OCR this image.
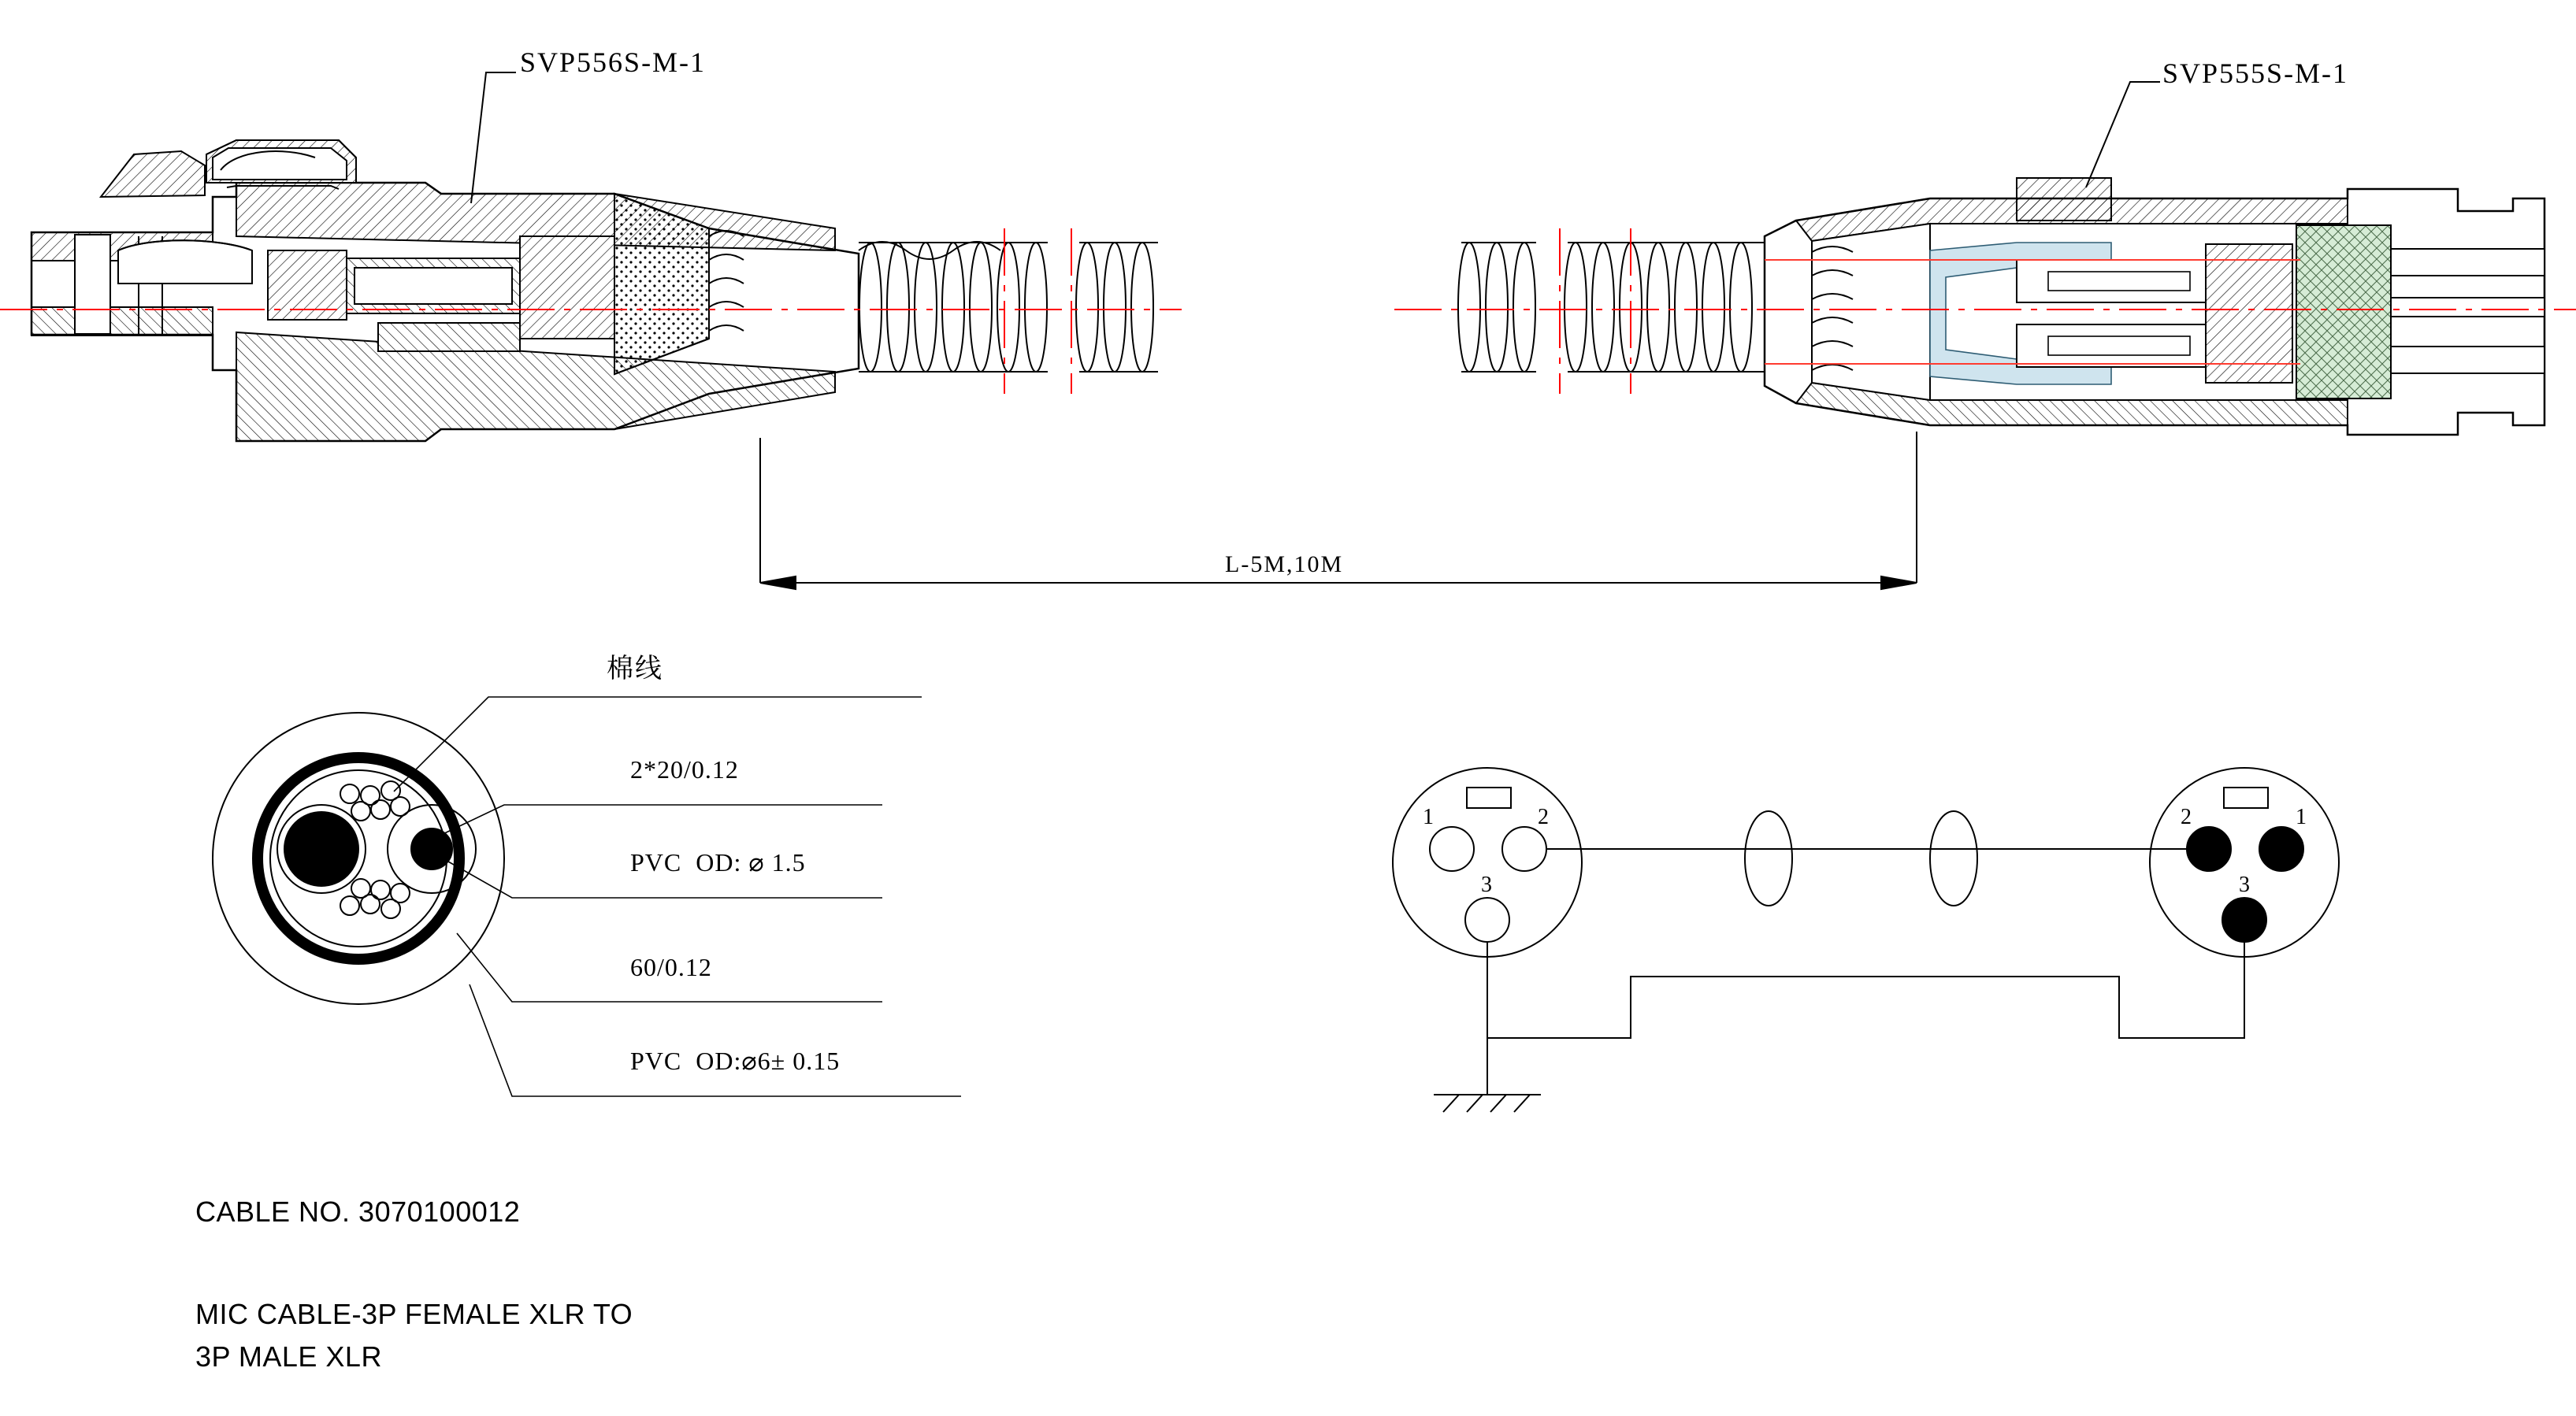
SVP556S-M-1	SVP555S-M-1
L-5M,10M
棉线
2*20/0.12
PVC  OD: ⌀ 1.5
60/0.12
PVC  OD:⌀6± 0.15
1	2
3
2	1
3
CABLE NO. 3070100012
MIC CABLE-3P FEMALE XLR TO
3P MALE XLR
